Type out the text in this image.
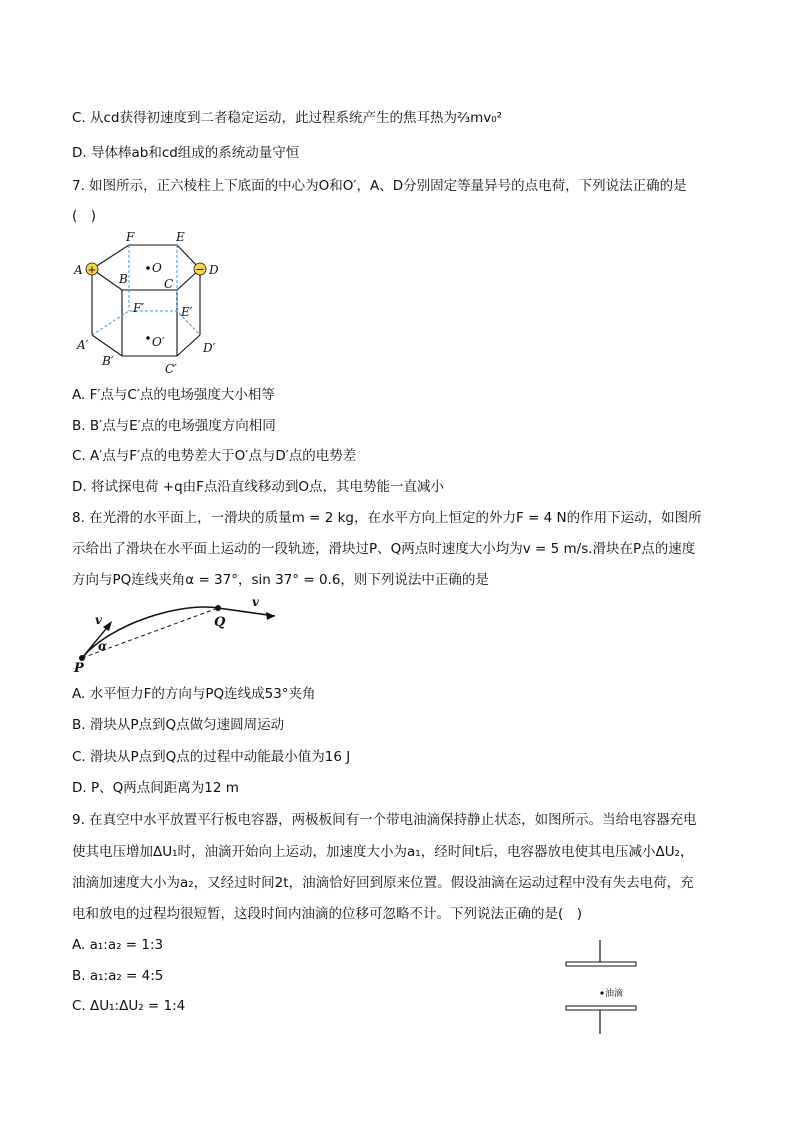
C. 从cd获得初速度到二者稳定运动，此过程系统产生的焦耳热为⅔mv₀²
D. 导体棒ab和cd组成的系统动量守恒
7. 如图所示，正六棱柱上下底面的中心为O和O′，A、D分别固定等量异号的点电荷，下列说法正确的是
(　)
+	−
F	E
A
B
O
C
D
F′	E′
A′
B′
O′
C′
D′
A. F′点与C′点的电场强度大小相等
B. B′点与E′点的电场强度方向相同
C. A′点与F′点的电势差大于O′点与D′点的电势差
D. 将试探电荷 +q由F点沿直线移动到O点，其电势能一直减小
8. 在光滑的水平面上，一滑块的质量m = 2 kg，在水平方向上恒定的外力F = 4 N的作用下运动，如图所
示给出了滑块在水平面上运动的一段轨迹，滑块过P、Q两点时速度大小均为v = 5 m/s.滑块在P点的速度
方向与PQ连线夹角α = 37°，sin 37° = 0.6，则下列说法中正确的是
v
v
α
P
Q
A. 水平恒力F的方向与PQ连线成53°夹角
B. 滑块从P点到Q点做匀速圆周运动
C. 滑块从P点到Q点的过程中动能最小值为16 J
D. P、Q两点间距离为12 m
9. 在真空中水平放置平行板电容器，两极板间有一个带电油滴保持静止状态，如图所示。当给电容器充电
使其电压增加ΔU₁时，油滴开始向上运动，加速度大小为a₁，经时间t后，电容器放电使其电压减小ΔU₂，
油滴加速度大小为a₂，又经过时间2t，油滴恰好回到原来位置。假设油滴在运动过程中没有失去电荷，充
电和放电的过程均很短暂，这段时间内油滴的位移可忽略不计。下列说法正确的是(　)
A. a₁:a₂ = 1:3
B. a₁:a₂ = 4:5
C. ΔU₁:ΔU₂ = 1:4
油滴
